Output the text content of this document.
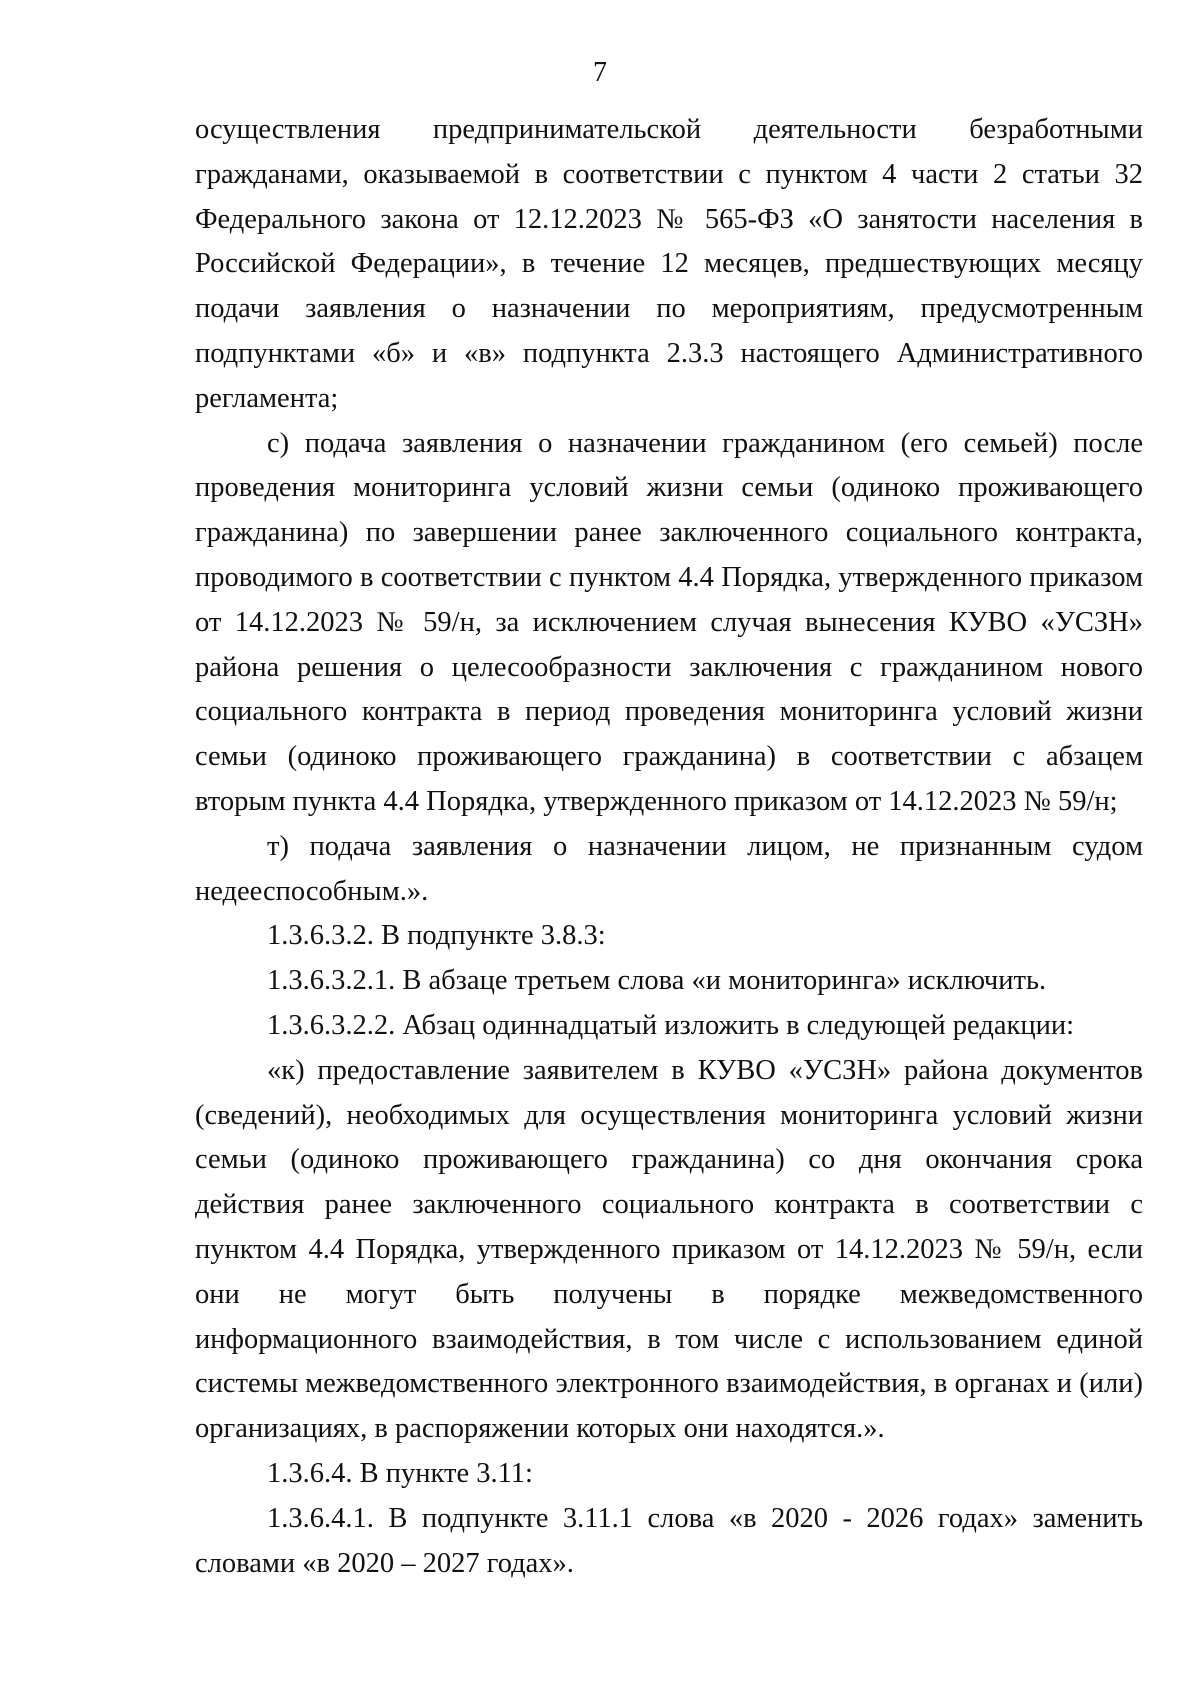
7

осуществления предпринимательской деятельности безработными гражданами, оказываемой в соответствии с пунктом 4 части 2 статьи 32 Федерального закона от 12.12.2023 № 565-ФЗ «О занятости населения в Российской Федерации», в течение 12 месяцев, предшествующих месяцу подачи заявления о назначении по мероприятиям, предусмотренным подпунктами «б» и «в» подпункта 2.3.3 настоящего Административного регламента;

с) подача заявления о назначении гражданином (его семьей) после проведения мониторинга условий жизни семьи (одиноко проживающего гражданина) по завершении ранее заключенного социального контракта, проводимого в соответствии с пунктом 4.4 Порядка, утвержденного приказом от 14.12.2023 № 59/н, за исключением случая вынесения КУВО «УСЗН» района решения о целесообразности заключения с гражданином нового социального контракта в период проведения мониторинга условий жизни семьи (одиноко проживающего гражданина) в соответствии с абзацем вторым пункта 4.4 Порядка, утвержденного приказом от 14.12.2023 № 59/н;

т) подача заявления о назначении лицом, не признанным судом недееспособным.».

1.3.6.3.2. В подпункте 3.8.3:

1.3.6.3.2.1. В абзаце третьем слова «и мониторинга» исключить.

1.3.6.3.2.2. Абзац одиннадцатый изложить в следующей редакции:

«к) предоставление заявителем в КУВО «УСЗН» района документов (сведений), необходимых для осуществления мониторинга условий жизни семьи (одиноко проживающего гражданина) со дня окончания срока действия ранее заключенного социального контракта в соответствии с пунктом 4.4 Порядка, утвержденного приказом от 14.12.2023 № 59/н, если они не могут быть получены в порядке межведомственного информационного взаимодействия, в том числе с использованием единой системы межведомственного электронного взаимодействия, в органах и (или) организациях, в распоряжении которых они находятся.».

1.3.6.4. В пункте 3.11:

1.3.6.4.1. В подпункте 3.11.1 слова «в 2020 - 2026 годах» заменить словами «в 2020 – 2027 годах».
